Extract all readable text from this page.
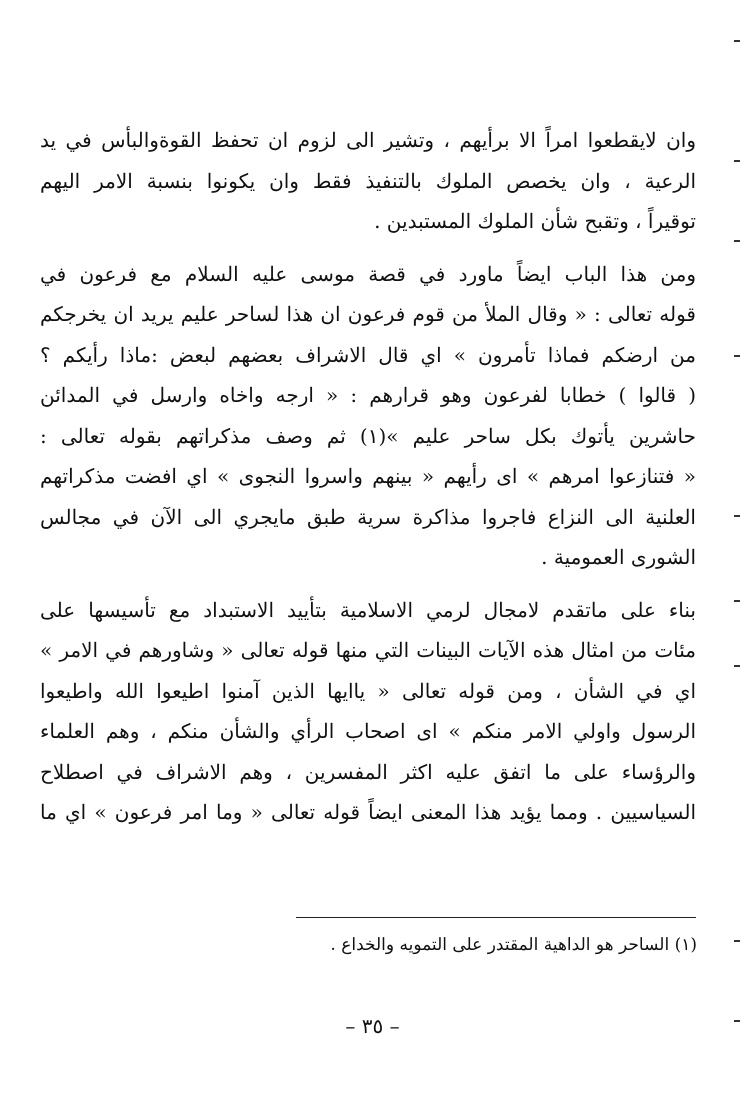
وان لايقطعوا امراً الا برأيهم ، وتشير الى لزوم ان تحفظ القوةوالبأس في يد
الرعية ، وان يخصص الملوك بالتنفيذ فقط وان يكونوا بنسبة الامر اليهم
توقيراً ، وتقبح شأن الملوك المستبدين .
ومن هذا الباب ايضاً ماورد في قصة موسى عليه السلام مع فرعون في
قوله تعالى : « وقال الملأ من قوم فرعون ان هذا لساحر عليم يريد ان يخرجكم
من ارضكم فماذا تأمرون » اي قال الاشراف بعضهم لبعض :ماذا رأيكم ؟
( قالوا ) خطابا لفرعون وهو قرارهم : « ارجه واخاه وارسل في المدائن
حاشرين يأتوك بكل ساحر عليم »(١) ثم وصف مذكراتهم بقوله تعالى :
« فتنازعوا امرهم » اى رأيهم « بينهم واسروا النجوى » اي افضت مذكراتهم
العلنية الى النزاع فاجروا مذاكرة سرية طبق مايجري الى الآن في مجالس
الشورى العمومية .
بناء على ماتقدم لامجال لرمي الاسلامية بتأييد الاستبداد مع تأسيسها على
مئات من امثال هذه الآيات البينات التي منها قوله تعالى « وشاورهم في الامر »
اي في الشأن ، ومن قوله تعالى « ياايها الذين آمنوا اطيعوا الله واطيعوا
الرسول واولي الامر منكم » اى اصحاب الرأي والشأن منكم ، وهم العلماء
والرؤساء على ما اتفق عليه اكثر المفسرين ، وهم الاشراف في اصطلاح
السياسيين . ومما يؤيد هذا المعنى ايضاً قوله تعالى « وما امر فرعون » اي ما
(١) الساحر هو الداهية المقتدر على التمويه والخداع .
– ٣٥ –
